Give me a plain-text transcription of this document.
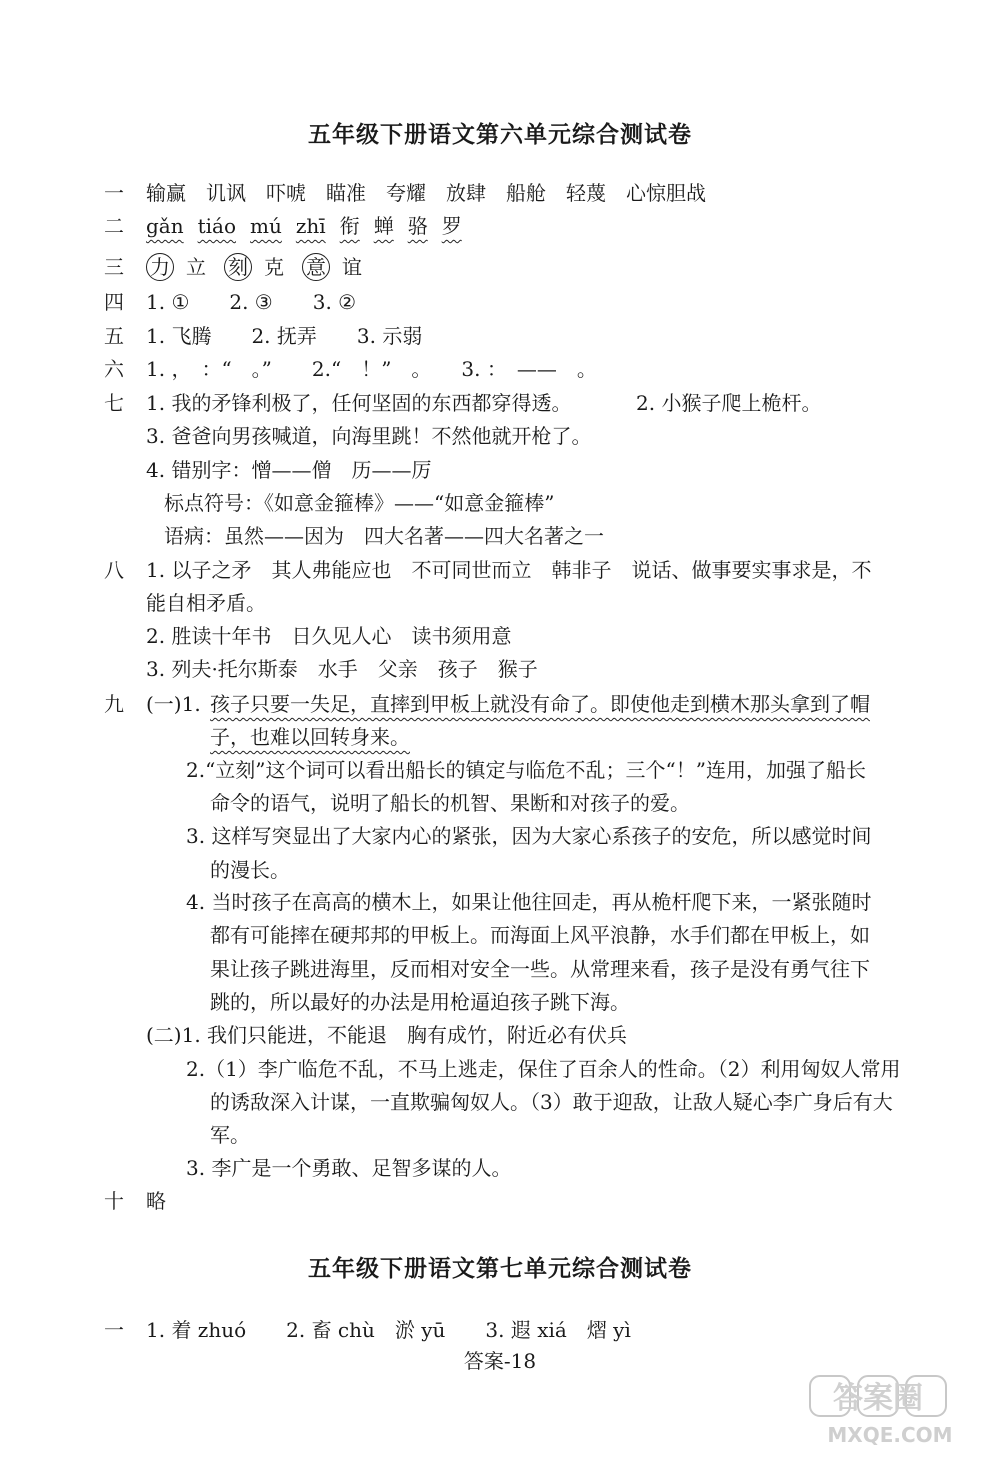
五年级下册语文第六单元综合测试卷
一 输赢 讥讽 吓唬 瞄准 夸耀 放肆 船舱 轻蔑 心惊胆战
二 gǎn tiáo mú zhī 衔 蝉 骆 罗
三 力 立 刻 克 意 谊
四 1. ①　　2. ③　　3. ②
五 1. 飞腾　　2. 抚弄　　3. 示弱
六 1. ，　：“　。”　　2.“　！”　。　　3. ：　——　。
七 1. 我的矛锋利极了，任何坚固的东西都穿得透。	2. 小猴子爬上桅杆。
3. 爸爸向男孩喊道，向海里跳！不然他就开枪了。
4. 错别字：憎——僧　历——厉
标点符号：《如意金箍棒》——“如意金箍棒”
语病：虽然——因为　四大名著——四大名著之一
八 1. 以子之矛　其人弗能应也　不可同世而立　韩非子　说话、做事要实事求是，不
能自相矛盾。
2. 胜读十年书　日久见人心　读书须用意
3. 列夫·托尔斯泰　水手　父亲　孩子　猴子
九 (一)1. 孩子只要一失足，直摔到甲板上就没有命了。即使他走到横木那头拿到了帽
子，也难以回转身来。
2.“立刻”这个词可以看出船长的镇定与临危不乱；三个“！”连用，加强了船长
命令的语气，说明了船长的机智、果断和对孩子的爱。
3. 这样写突显出了大家内心的紧张，因为大家心系孩子的安危，所以感觉时间
的漫长。
4. 当时孩子在高高的横木上，如果让他往回走，再从桅杆爬下来，一紧张随时
都有可能摔在硬邦邦的甲板上。而海面上风平浪静，水手们都在甲板上，如
果让孩子跳进海里，反而相对安全一些。从常理来看，孩子是没有勇气往下
跳的，所以最好的办法是用枪逼迫孩子跳下海。
(二)1. 我们只能进，不能退　胸有成竹，附近必有伏兵
2.（1）李广临危不乱，不马上逃走，保住了百余人的性命。（2）利用匈奴人常用
的诱敌深入计谋，一直欺骗匈奴人。（3）敢于迎敌，让敌人疑心李广身后有大
军。
3. 李广是一个勇敢、足智多谋的人。
十 略
五年级下册语文第七单元综合测试卷
一 1. 着 zhuó　　2. 畜 chù　淤 yū　　3. 遐 xiá　熠 yì
答案-18
答案圈
MXQE.COM
